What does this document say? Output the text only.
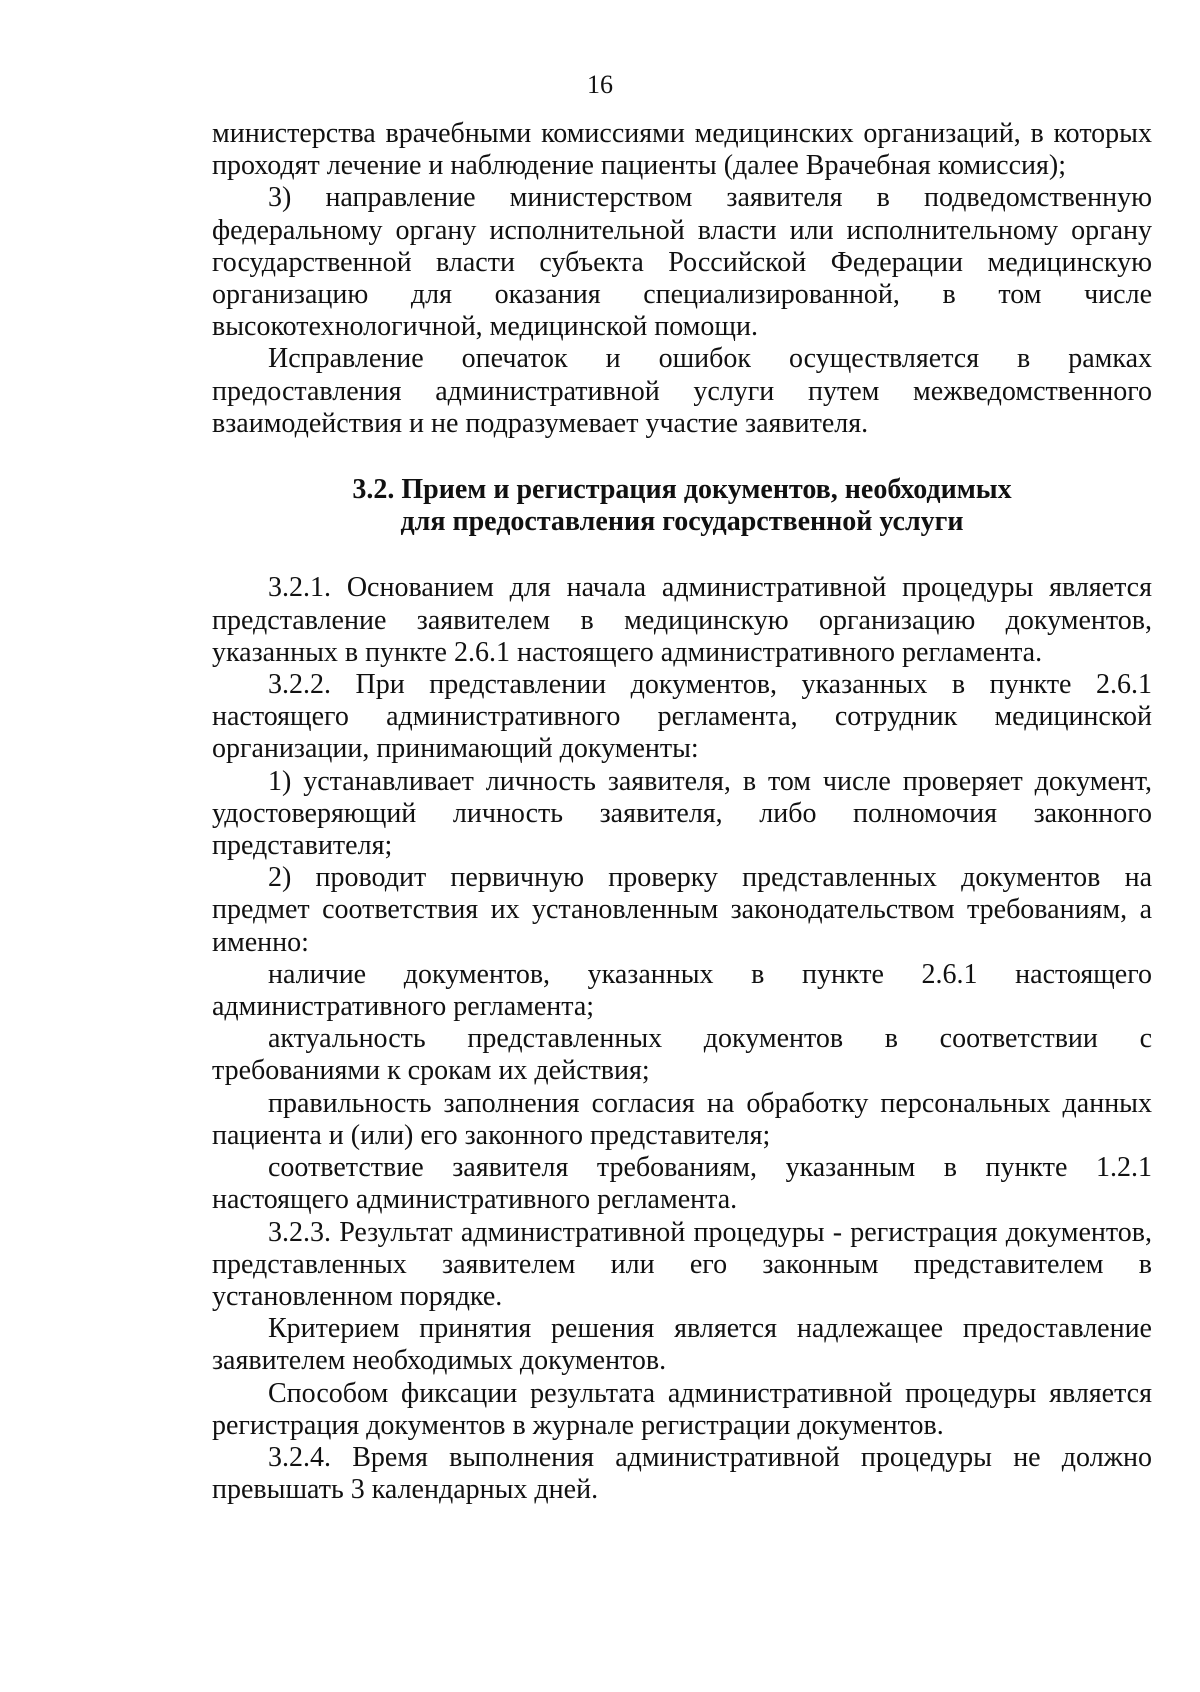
16

министерства врачебными комиссиями медицинских организаций, в которых проходят лечение и наблюдение пациенты (далее Врачебная комиссия);

3) направление министерством заявителя в подведомственную федеральному органу исполнительной власти или исполнительному органу государственной власти субъекта Российской Федерации медицинскую организацию для оказания специализированной, в том числе высокотехнологичной, медицинской помощи.

Исправление опечаток и ошибок осуществляется в рамках предоставления административной услуги путем межведомственного взаимодействия и не подразумевает участие заявителя.

3.2. Прием и регистрация документов, необходимых
для предоставления государственной услуги

3.2.1. Основанием для начала административной процедуры является представление заявителем в медицинскую организацию документов, указанных в пункте 2.6.1 настоящего административного регламента.

3.2.2. При представлении документов, указанных в пункте 2.6.1 настоящего административного регламента, сотрудник медицинской организации, принимающий документы:

1) устанавливает личность заявителя, в том числе проверяет документ, удостоверяющий личность заявителя, либо полномочия законного представителя;

2) проводит первичную проверку представленных документов на предмет соответствия их установленным законодательством требованиям, а именно:

наличие документов, указанных в пункте 2.6.1 настоящего административного регламента;

актуальность представленных документов в соответствии с требованиями к срокам их действия;

правильность заполнения согласия на обработку персональных данных пациента и (или) его законного представителя;

соответствие заявителя требованиям, указанным в пункте 1.2.1 настоящего административного регламента.

3.2.3. Результат административной процедуры - регистрация документов, представленных заявителем или его законным представителем в установленном порядке.

Критерием принятия решения является надлежащее предоставление заявителем необходимых документов.

Способом фиксации результата административной процедуры является регистрация документов в журнале регистрации документов.

3.2.4. Время выполнения административной процедуры не должно превышать 3 календарных дней.
